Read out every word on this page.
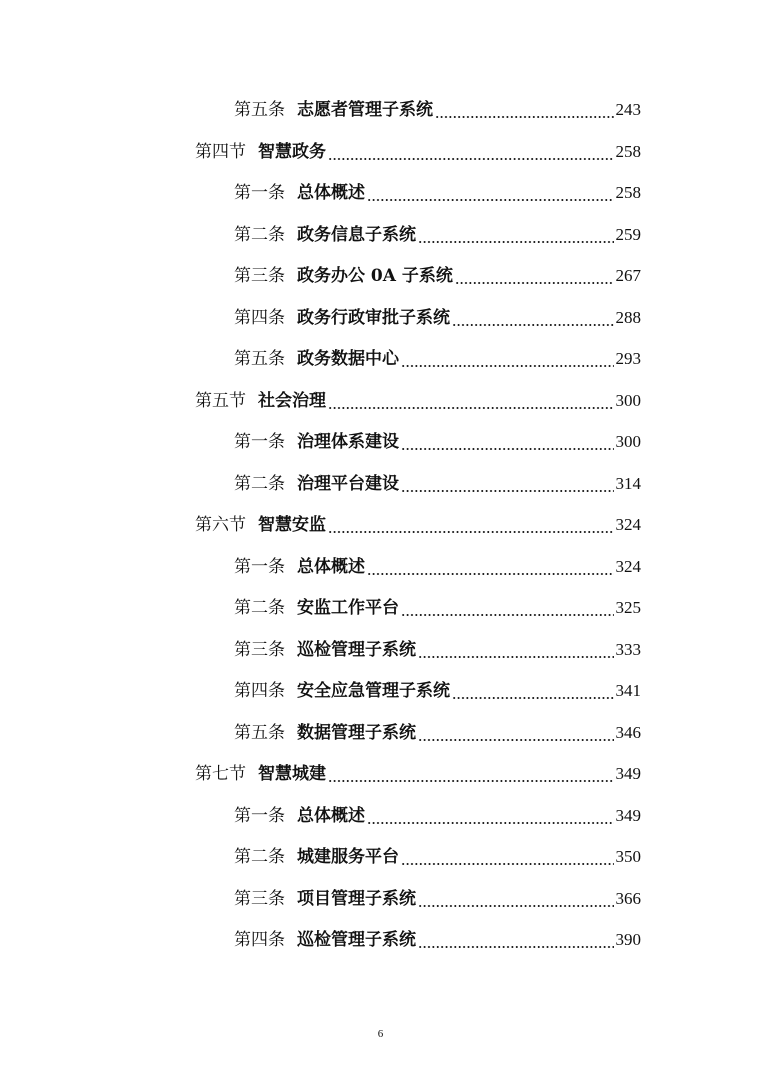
第五条 志愿者管理子系统	243
第四节 智慧政务	258
第一条 总体概述	258
第二条 政务信息子系统	259
第三条 政务办公 0A 子系统	267
第四条 政务行政审批子系统	288
第五条 政务数据中心	293
第五节 社会治理	300
第一条 治理体系建设	300
第二条 治理平台建设	314
第六节 智慧安监	324
第一条 总体概述	324
第二条 安监工作平台	325
第三条 巡检管理子系统	333
第四条 安全应急管理子系统	341
第五条 数据管理子系统	346
第七节 智慧城建	349
第一条 总体概述	349
第二条 城建服务平台	350
第三条 项目管理子系统	366
第四条 巡检管理子系统	390
6
